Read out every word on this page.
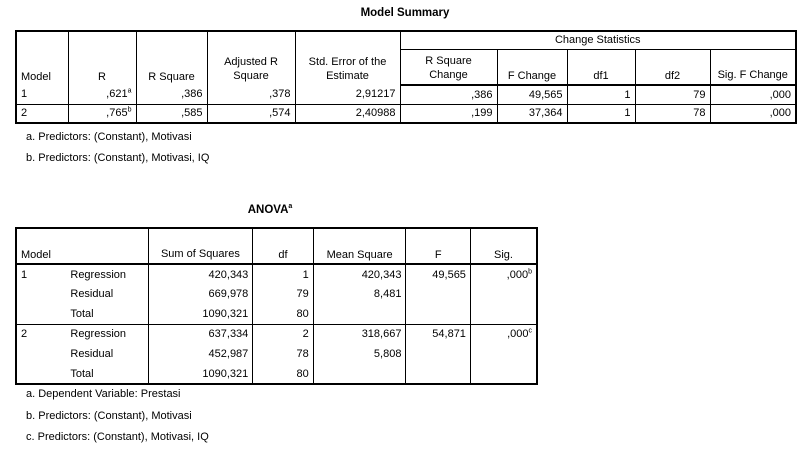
Model Summary
Model	R	R Square	Adjusted R Square	Std. Error of the Estimate	Change Statistics				
					R Square Change	F Change	df1	df2	Sig. F Change
1	,621$^a$	,386	,378	2,91217	,386	49,565	1	79	,000
2	,765$^b$	,585	,574	2,40988	,199	37,364	1	78	,000
a. Predictors: (Constant), Motivasi
b. Predictors: (Constant), Motivasi, IQ
ANOVA$^a$
Model		Sum of Squares	df	Mean Square	F	Sig.
1	Regression	420,343	1	420,343	49,565	,000$^b$
	Residual	669,978	79	8,481		
	Total	1090,321	80			
2	Regression	637,334	2	318,667	54,871	,000$^c$
	Residual	452,987	78	5,808		
	Total	1090,321	80			
a. Dependent Variable: Prestasi
b. Predictors: (Constant), Motivasi
c. Predictors: (Constant), Motivasi, IQ
